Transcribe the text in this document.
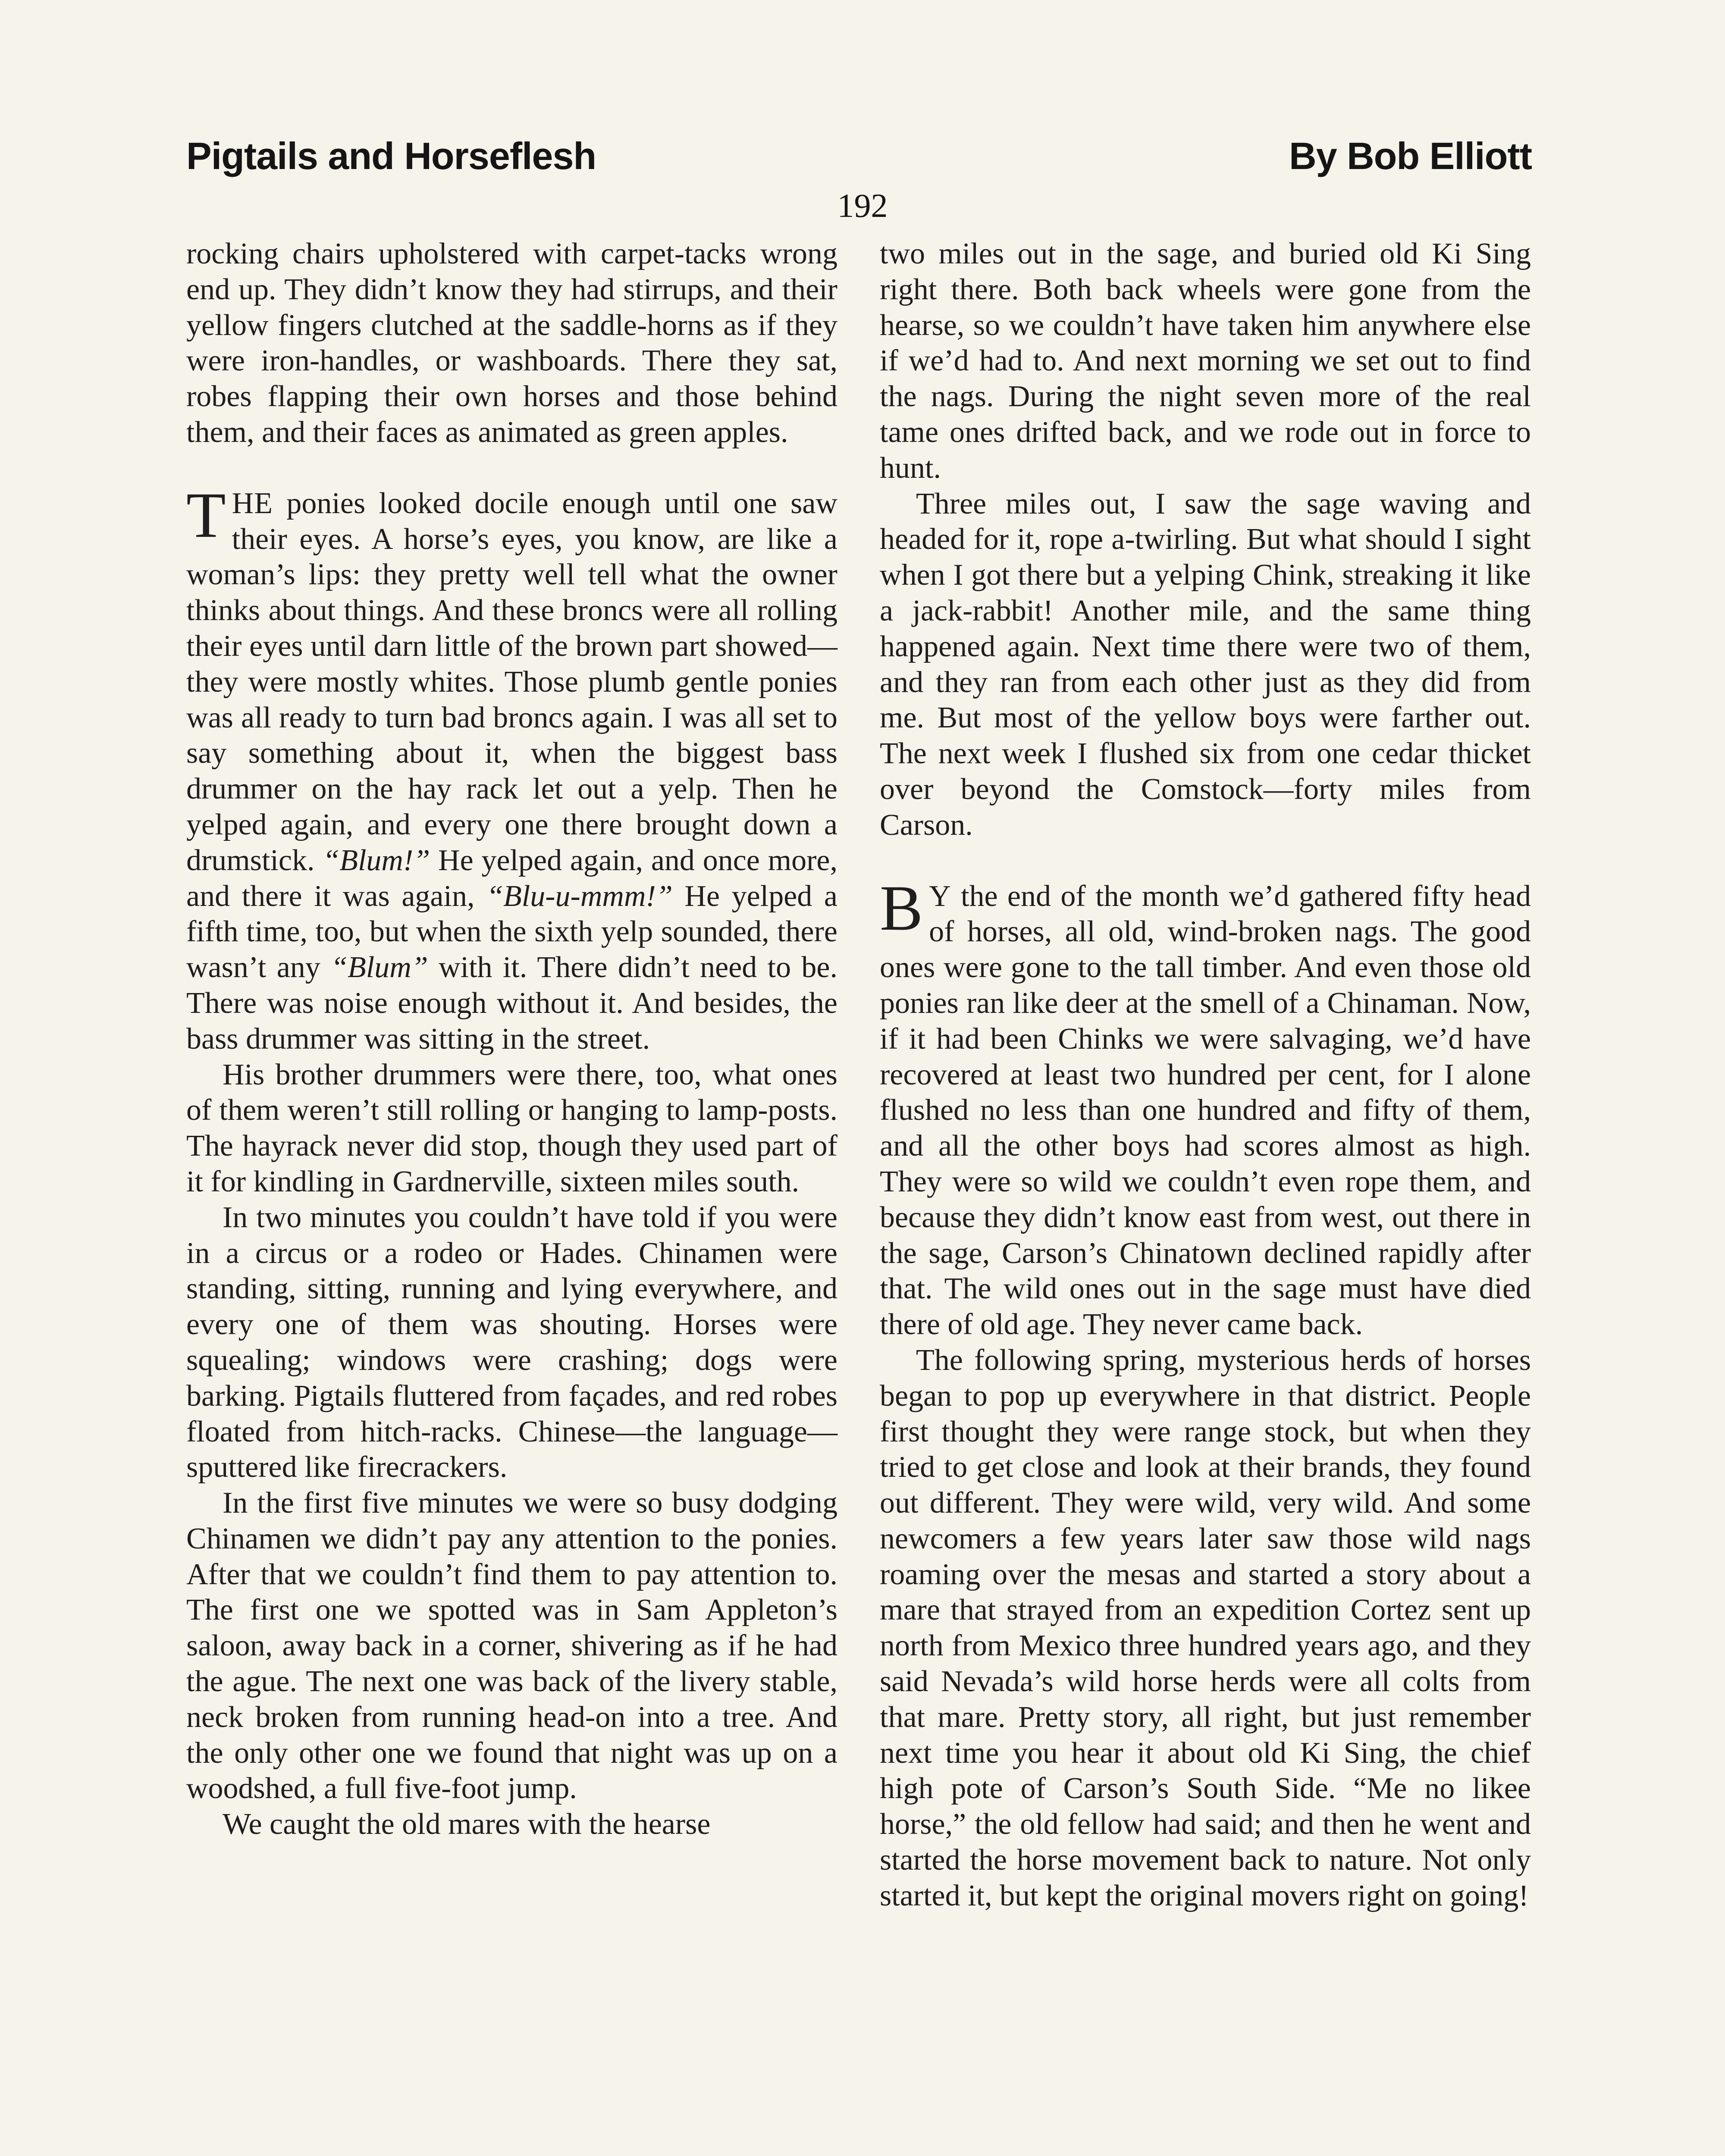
Pigtails and Horseflesh	By Bob Elliott
192

rocking chairs upholstered with carpet-tacks wrong end up. They didn’t know they had stirrups, and their yellow fingers clutched at the saddle-horns as if they were iron-handles, or washboards. There they sat, robes flapping their own horses and those behind them, and their faces as animated as green apples.

THE ponies looked docile enough until one saw their eyes. A horse’s eyes, you know, are like a woman’s lips: they pretty well tell what the owner thinks about things. And these broncs were all rolling their eyes until darn little of the brown part showed—they were mostly whites. Those plumb gentle ponies was all ready to turn bad broncs again. I was all set to say something about it, when the biggest bass drummer on the hay rack let out a yelp. Then he yelped again, and every one there brought down a drumstick. “Blum!” He yelped again, and once more, and there it was again, “Blu-u-mmm!” He yelped a fifth time, too, but when the sixth yelp sounded, there wasn’t any “Blum” with it. There didn’t need to be. There was noise enough without it. And besides, the bass drummer was sitting in the street.

His brother drummers were there, too, what ones of them weren’t still rolling or hanging to lamp-posts. The hayrack never did stop, though they used part of it for kindling in Gardnerville, sixteen miles south.

In two minutes you couldn’t have told if you were in a circus or a rodeo or Hades. Chinamen were standing, sitting, running and lying everywhere, and every one of them was shouting. Horses were squealing; windows were crashing; dogs were barking. Pigtails fluttered from façades, and red robes floated from hitch-racks. Chinese—the language—sputtered like firecrackers.

In the first five minutes we were so busy dodging Chinamen we didn’t pay any attention to the ponies. After that we couldn’t find them to pay attention to. The first one we spotted was in Sam Appleton’s saloon, away back in a corner, shivering as if he had the ague. The next one was back of the livery stable, neck broken from running head-on into a tree. And the only other one we found that night was up on a woodshed, a full five-foot jump.

We caught the old mares with the hearse

two miles out in the sage, and buried old Ki Sing right there. Both back wheels were gone from the hearse, so we couldn’t have taken him anywhere else if we’d had to. And next morning we set out to find the nags. During the night seven more of the real tame ones drifted back, and we rode out in force to hunt.

Three miles out, I saw the sage waving and headed for it, rope a-twirling. But what should I sight when I got there but a yelping Chink, streaking it like a jack-rabbit! Another mile, and the same thing happened again. Next time there were two of them, and they ran from each other just as they did from me. But most of the yellow boys were farther out. The next week I flushed six from one cedar thicket over beyond the Comstock—forty miles from Carson.

B Y the end of the month we’d gathered fifty head of horses, all old, wind-broken nags. The good ones were gone to the tall timber. And even those old ponies ran like deer at the smell of a Chinaman. Now, if it had been Chinks we were salvaging, we’d have recovered at least two hundred per cent, for I alone flushed no less than one hundred and fifty of them, and all the other boys had scores almost as high. They were so wild we couldn’t even rope them, and because they didn’t know east from west, out there in the sage, Carson’s Chinatown declined rapidly after that. The wild ones out in the sage must have died there of old age. They never came back.

The following spring, mysterious herds of horses began to pop up everywhere in that district. People first thought they were range stock, but when they tried to get close and look at their brands, they found out different. They were wild, very wild. And some newcomers a few years later saw those wild nags roaming over the mesas and started a story about a mare that strayed from an expedition Cortez sent up north from Mexico three hundred years ago, and they said Nevada’s wild horse herds were all colts from that mare. Pretty story, all right, but just remember next time you hear it about old Ki Sing, the chief high pote of Carson’s South Side. “Me no likee horse,” the old fellow had said; and then he went and started the horse movement back to nature. Not only started it, but kept the original movers right on going!
